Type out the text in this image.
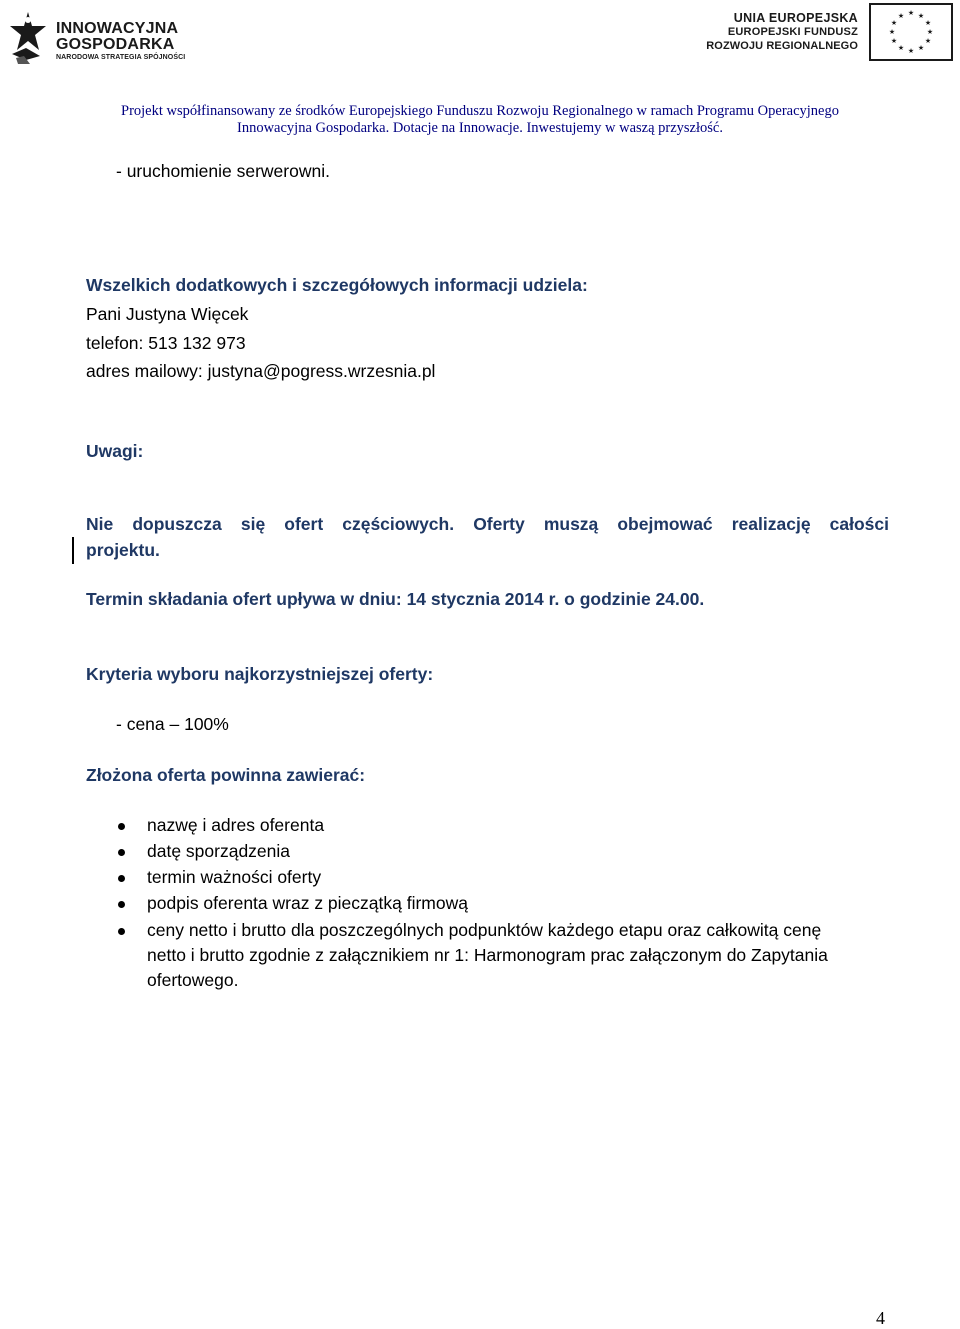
INNOWACYJNA
GOSPODARKA
NARODOWA STRATEGIA SPÓJNOŚCI
UNIA EUROPEJSKA
EUROPEJSKI FUNDUSZ
ROZWOJU REGIONALNEGO
★ ★
★
★
★
★
★
★
★
★
★
★
Projekt współfinansowany ze środków Europejskiego Funduszu Rozwoju Regionalnego w ramach Programu Operacyjnego
Innowacyjna Gospodarka. Dotacje na Innowacje. Inwestujemy w waszą przyszłość.
- uruchomienie serwerowni.
Wszelkich dodatkowych i szczegółowych informacji udziela:
Pani Justyna Więcek
telefon: 513 132 973
adres mailowy: justyna@pogress.wrzesnia.pl
Uwagi:
Nie dopuszcza się ofert częściowych. Oferty muszą obejmować realizację całości
projektu.
Termin składania ofert upływa w dniu: 14 stycznia 2014 r. o godzinie 24.00.
Kryteria wyboru najkorzystniejszej oferty:
- cena – 100%
Złożona oferta powinna zawierać:
nazwę i adres oferenta
datę sporządzenia
termin ważności oferty
podpis oferenta wraz z pieczątką firmową
ceny netto i brutto dla poszczególnych podpunktów każdego etapu oraz całkowitą cenę
netto i brutto zgodnie z załącznikiem nr 1: Harmonogram prac załączonym do Zapytania
ofertowego.
4
